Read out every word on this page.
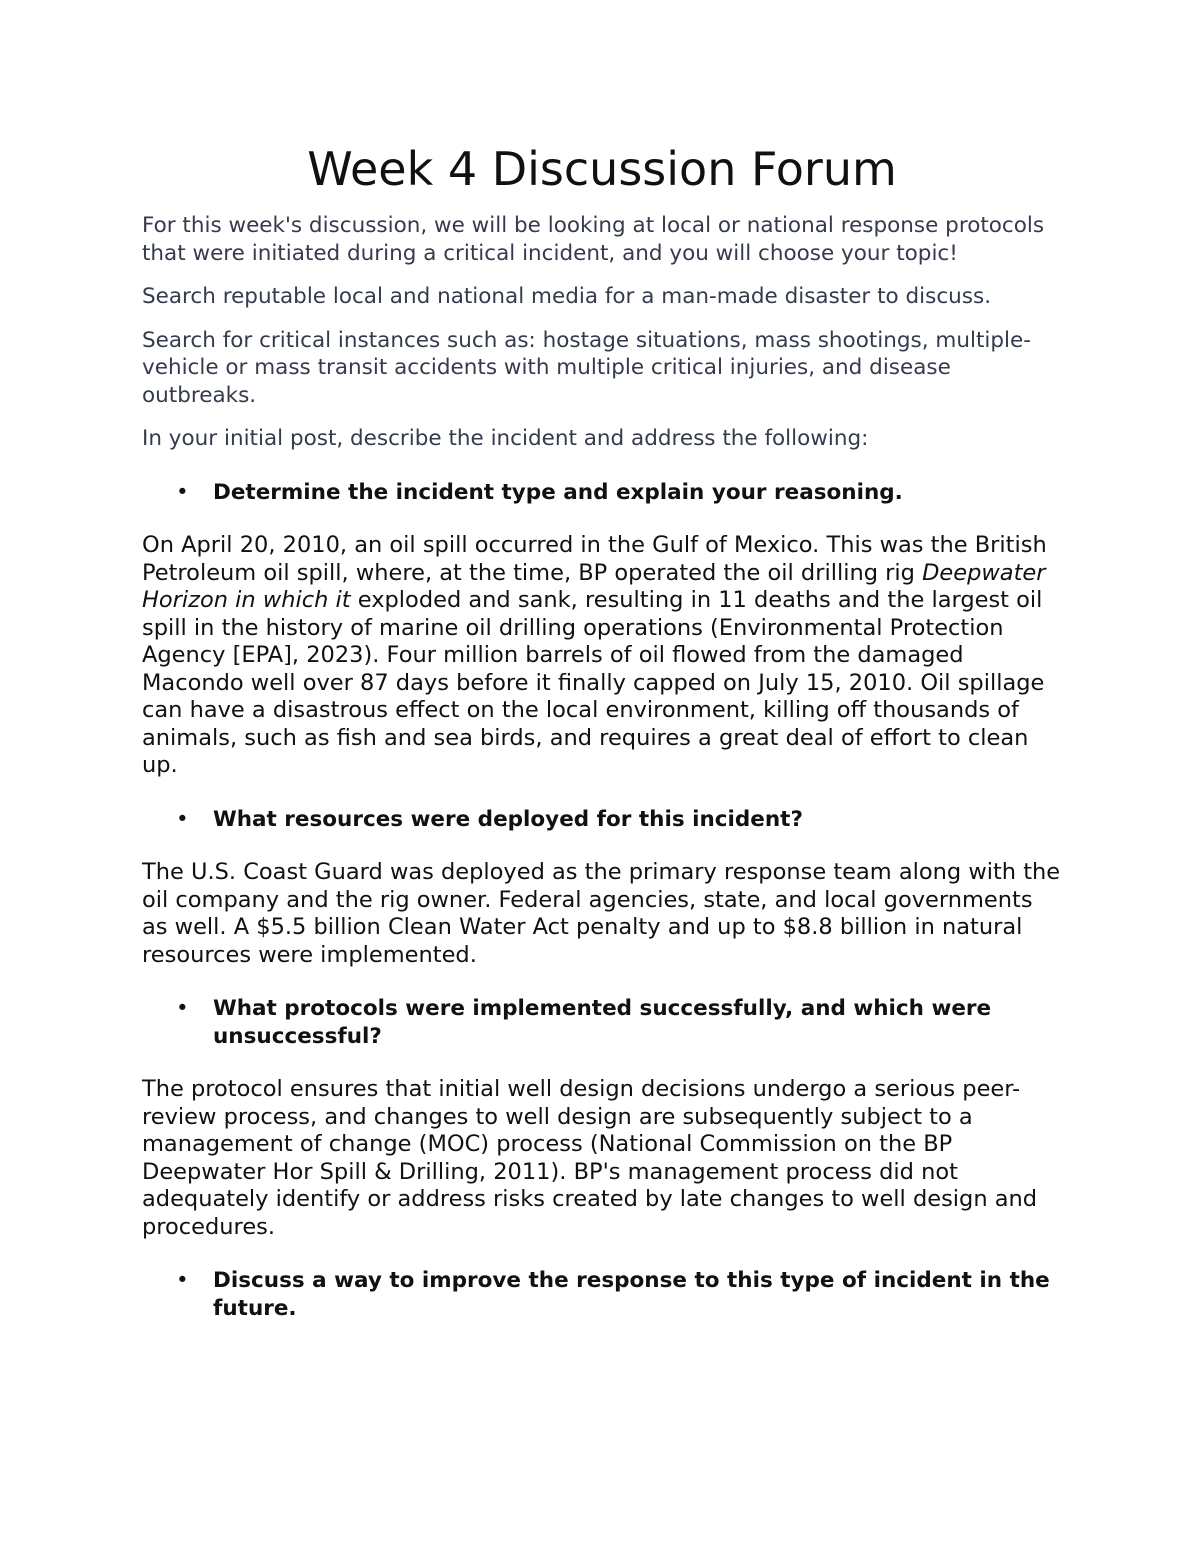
Week 4 Discussion Forum

For this week's discussion, we will be looking at local or national response protocols that were initiated during a critical incident, and you will choose your topic!

Search reputable local and national media for a man-made disaster to discuss.

Search for critical instances such as: hostage situations, mass shootings, multiple-vehicle or mass transit accidents with multiple critical injuries, and disease outbreaks.

In your initial post, describe the incident and address the following:

• Determine the incident type and explain your reasoning.

On April 20, 2010, an oil spill occurred in the Gulf of Mexico. This was the British Petroleum oil spill, where, at the time, BP operated the oil drilling rig Deepwater Horizon in which it exploded and sank, resulting in 11 deaths and the largest oil spill in the history of marine oil drilling operations (Environmental Protection Agency [EPA], 2023). Four million barrels of oil flowed from the damaged Macondo well over 87 days before it finally capped on July 15, 2010. Oil spillage can have a disastrous effect on the local environment, killing off thousands of animals, such as fish and sea birds, and requires a great deal of effort to clean up.

• What resources were deployed for this incident?

The U.S. Coast Guard was deployed as the primary response team along with the oil company and the rig owner. Federal agencies, state, and local governments as well. A $5.5 billion Clean Water Act penalty and up to $8.8 billion in natural resources were implemented.

• What protocols were implemented successfully, and which were unsuccessful?

The protocol ensures that initial well design decisions undergo a serious peer-review process, and changes to well design are subsequently subject to a management of change (MOC) process (National Commission on the BP Deepwater Hor Spill & Drilling, 2011). BP's management process did not adequately identify or address risks created by late changes to well design and procedures.

• Discuss a way to improve the response to this type of incident in the future.
